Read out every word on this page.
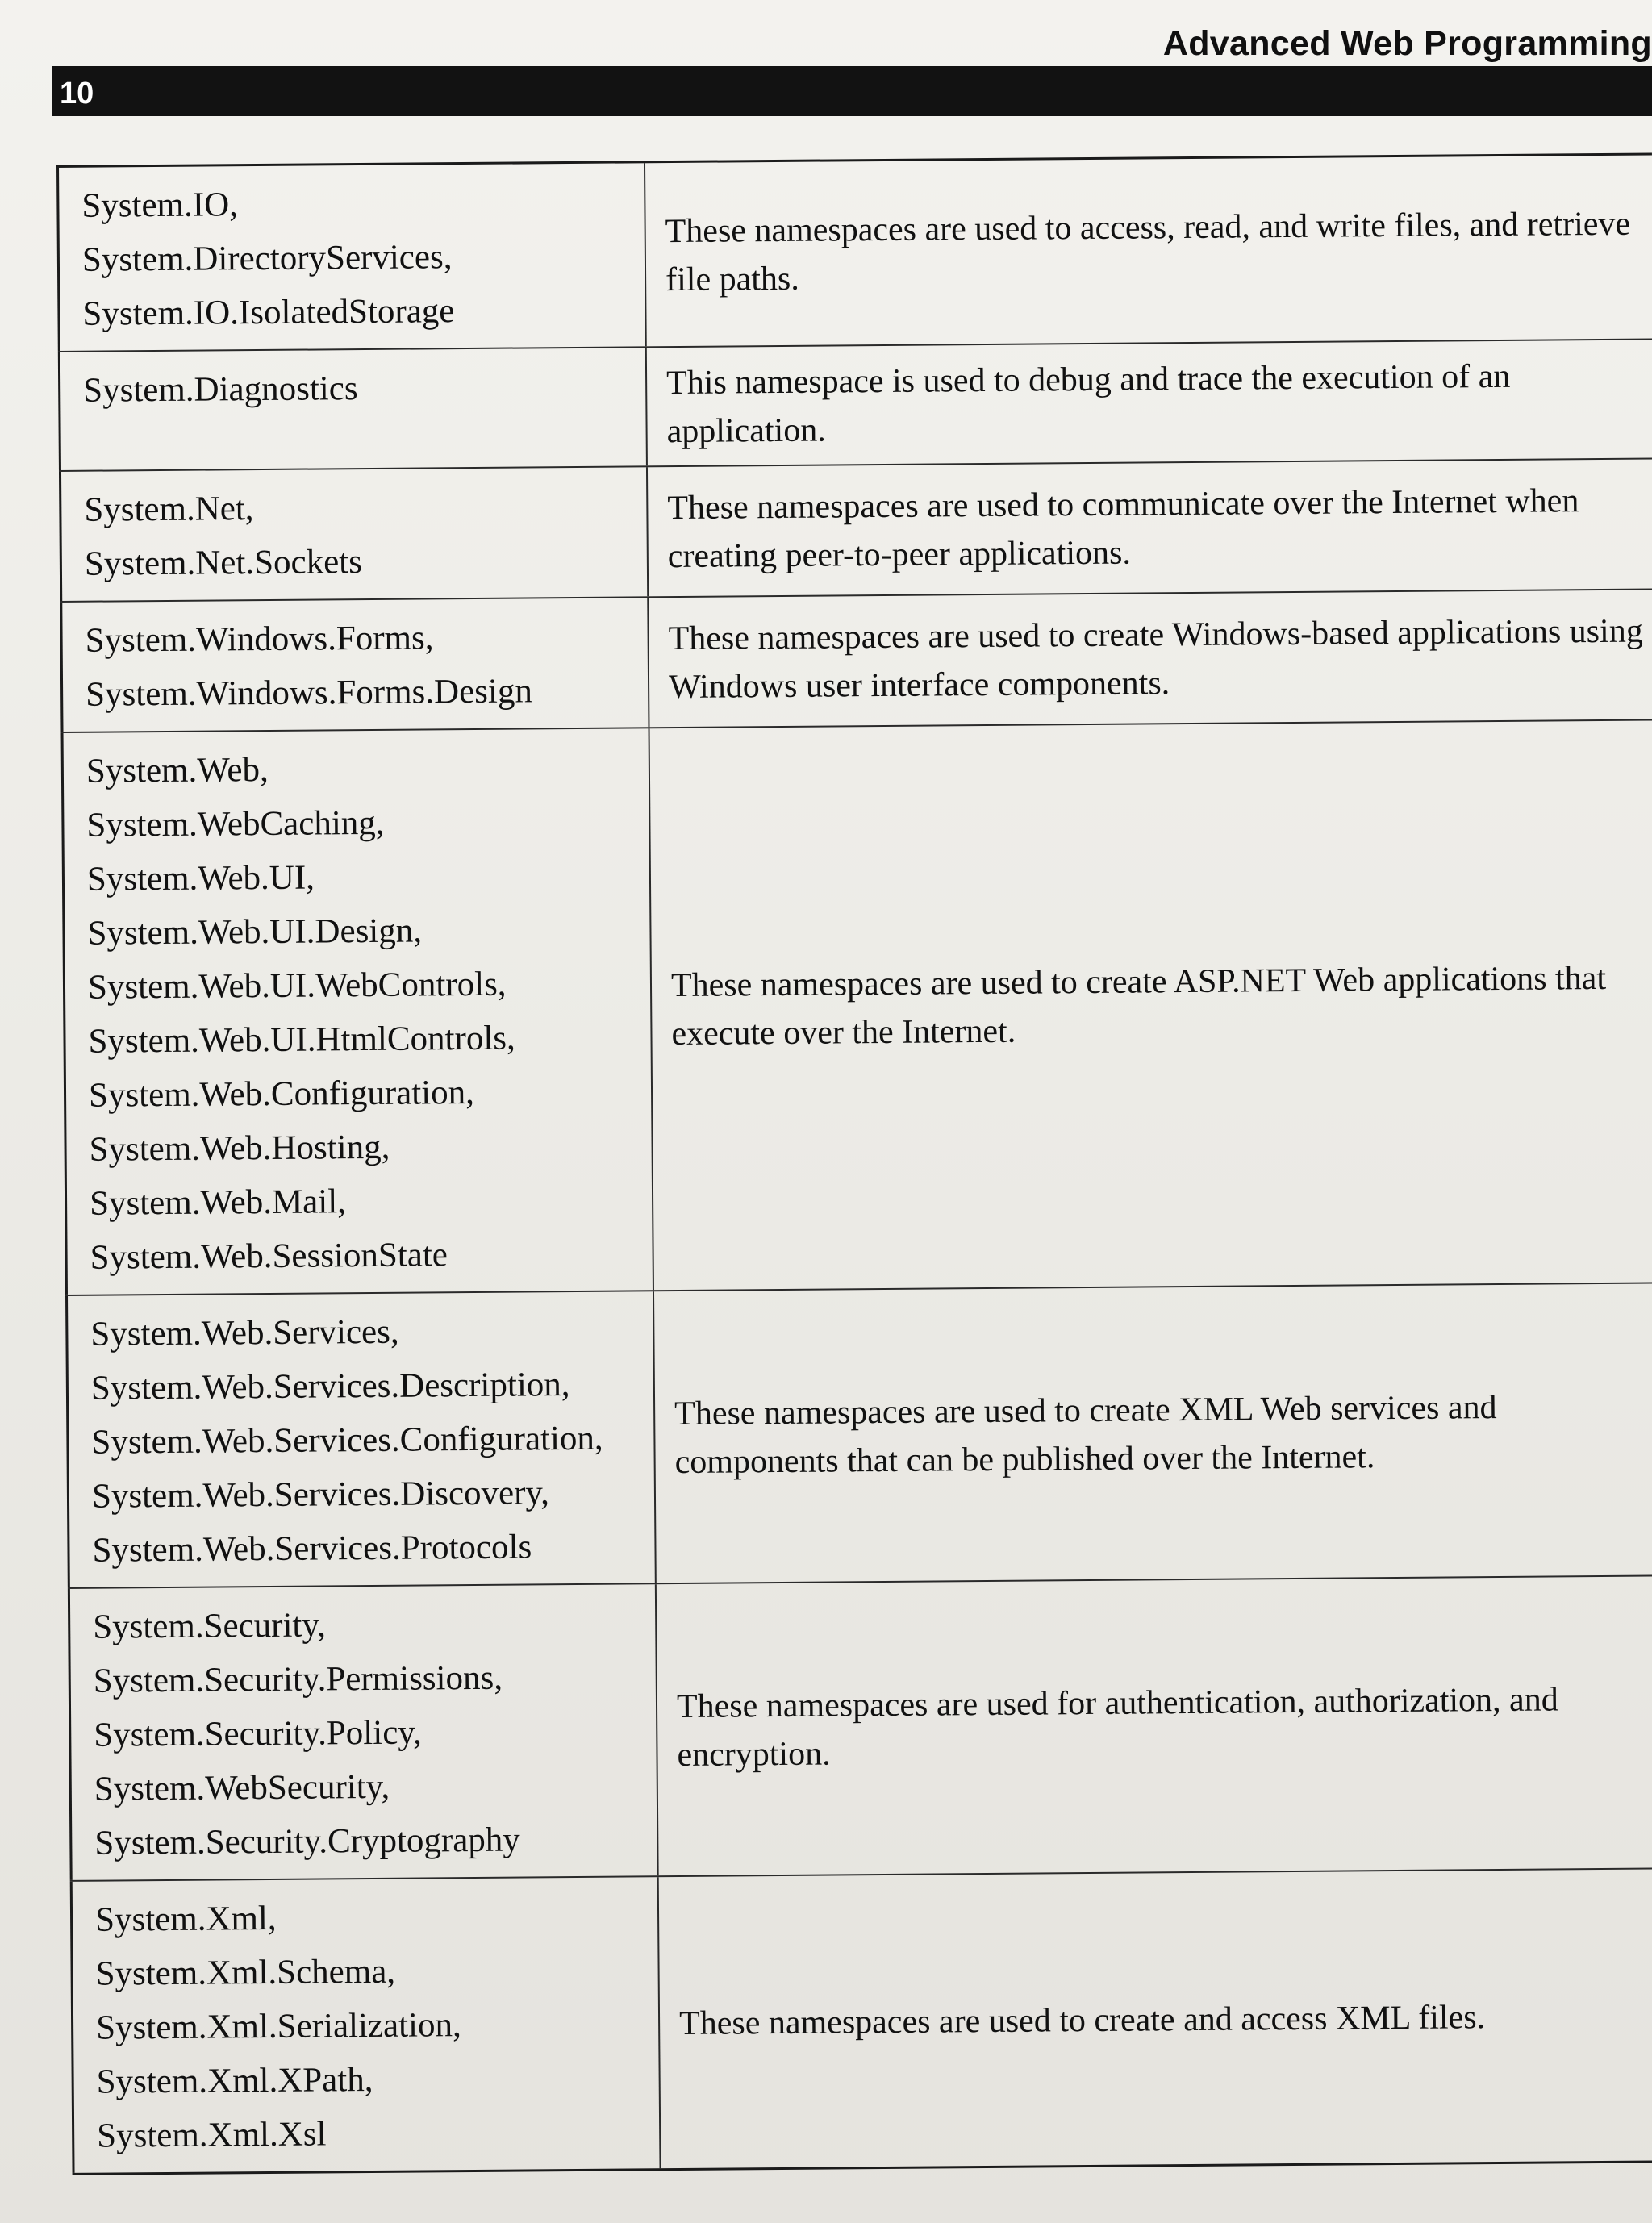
Advanced Web Programming
10
System.IO,
System.DirectoryServices,
System.IO.IsolatedStorage
These namespaces are used to access, read, and write files, and retrieve file paths.
System.Diagnostics	This namespace is used to debug and trace the execution of an application.
System.Net,
System.Net.Sockets
These namespaces are used to communicate over the Internet when creating peer-to-peer applications.
System.Windows.Forms,
System.Windows.Forms.Design
These namespaces are used to create Windows-based applications using Windows user interface components.
System.Web,
System.WebCaching,
System.Web.UI,
System.Web.UI.Design,
System.Web.UI.WebControls,
System.Web.UI.HtmlControls,
System.Web.Configuration,
System.Web.Hosting,
System.Web.Mail,
System.Web.SessionState
These namespaces are used to create ASP.NET Web applications that execute over the Internet.
System.Web.Services,
System.Web.Services.Description,
System.Web.Services.Configuration,
System.Web.Services.Discovery,
System.Web.Services.Protocols
These namespaces are used to create XML Web services and components that can be published over the Internet.
System.Security,
System.Security.Permissions,
System.Security.Policy,
System.WebSecurity,
System.Security.Cryptography
These namespaces are used for authentication, authorization, and encryption.
System.Xml,
System.Xml.Schema,
System.Xml.Serialization,
System.Xml.XPath,
System.Xml.Xsl
These namespaces are used to create and access XML files.
